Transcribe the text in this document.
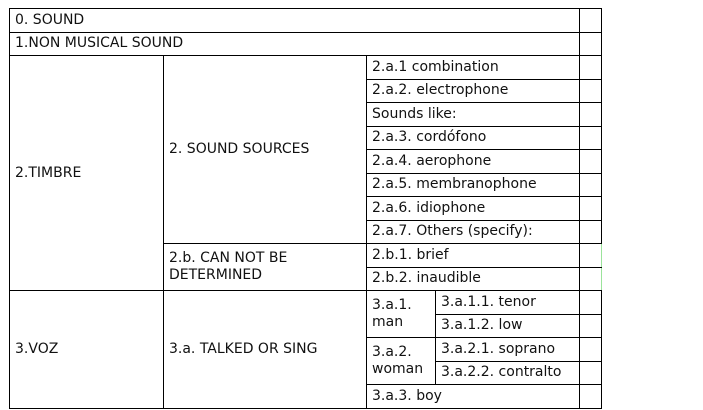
0. SOUND				
1.NON MUSICAL SOUND				
2.TIMBRE	2. SOUND SOURCES	2.a.1 combination		
		2.a.2. electrophone		
		Sounds like:		
		2.a.3. cordófono		
		2.a.4. aerophone		
		2.a.5. membranophone		
		2.a.6. idiophone		
		2.a.7. Others (specify):		
	2.b. CAN NOT BE DETERMINED	2.b.1. brief		
		2.b.2. inaudible		
3.VOZ	3.a. TALKED OR SING	3.a.1. man	3.a.1.1. tenor	
			3.a.1.2. low	
		3.a.2. woman	3.a.2.1. soprano	
			3.a.2.2. contralto	
		3.a.3. boy		
